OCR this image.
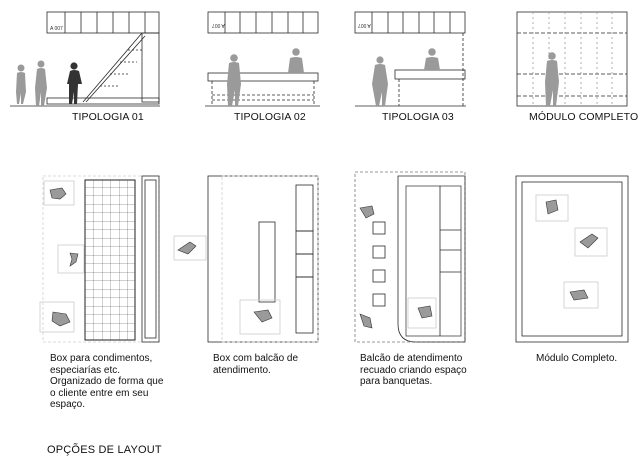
A 007
A 007	A 007
TIPOLOGIA 01	TIPOLOGIA 02	TIPOLOGIA 03	MÓDULO COMPLETO
Box para condimentos,
especiarías etc.
Organizado de forma que
o cliente entre em seu
espaço.
Box com balcão de
atendimento.
Balcão de atendimento
recuado criando espaço
para banquetas.
Módulo Completo.
OPÇÕES DE LAYOUT
